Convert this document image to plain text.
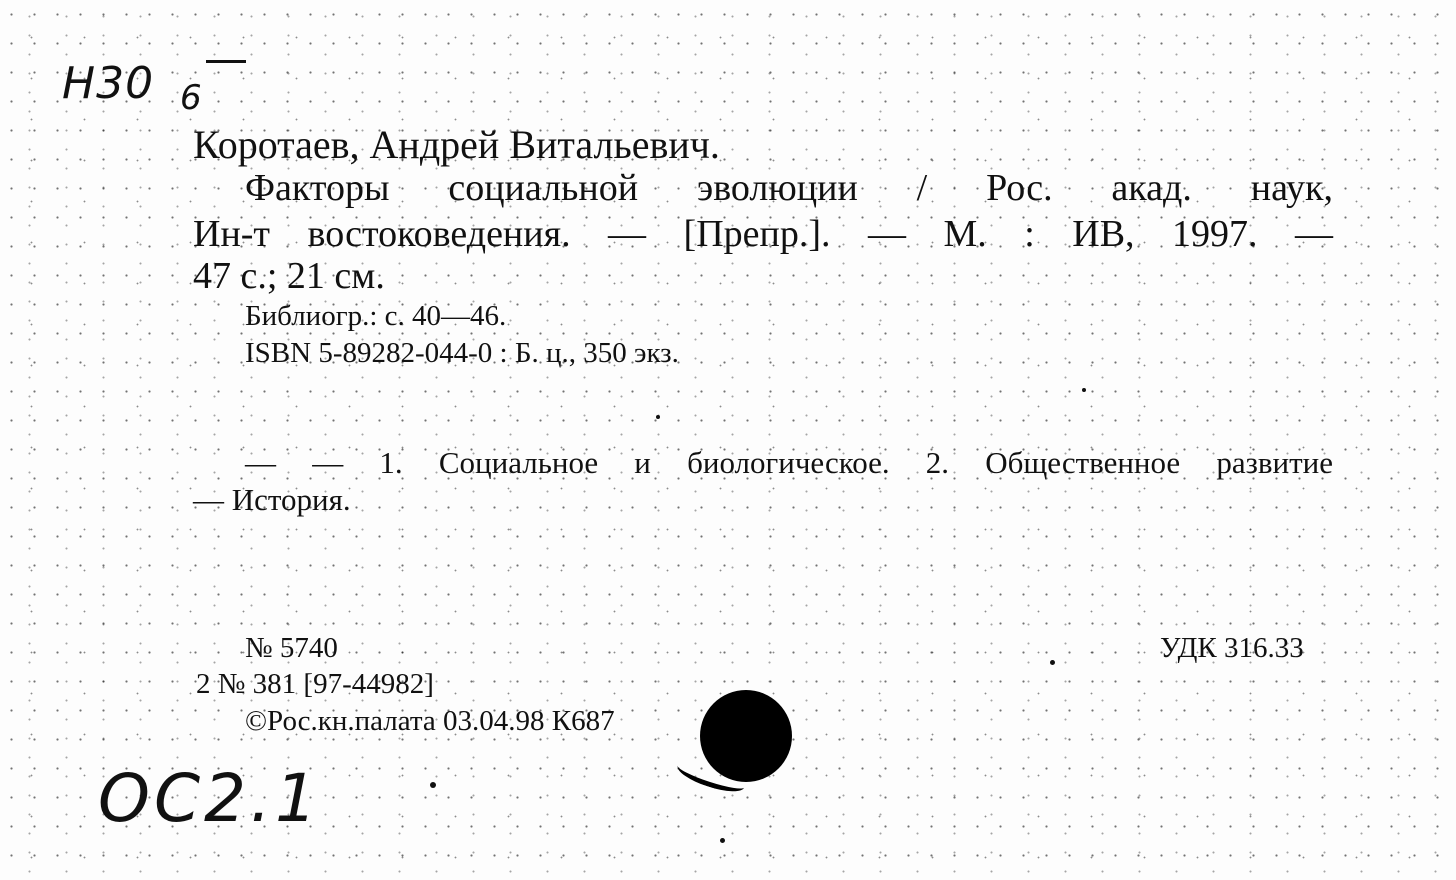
Н30 6
Коротаев, Андрей Витальевич.
Факторы социальной эволюции / Рос. акад. наук,
Ин-т востоковедения. — [Препр.]. — М. : ИВ, 1997. —
47 с.; 21 см.
Библиогр.: с. 40—46.
ISBN 5-89282-044-0 : Б. ц., 350 экз.
— — 1. Социальное и биологическое. 2. Общественное развитие
— История.
№ 5740	УДК 316.33
2 № 381 [97-44982]
©Рос.кн.палата 03.04.98 К687
ОС2.1
